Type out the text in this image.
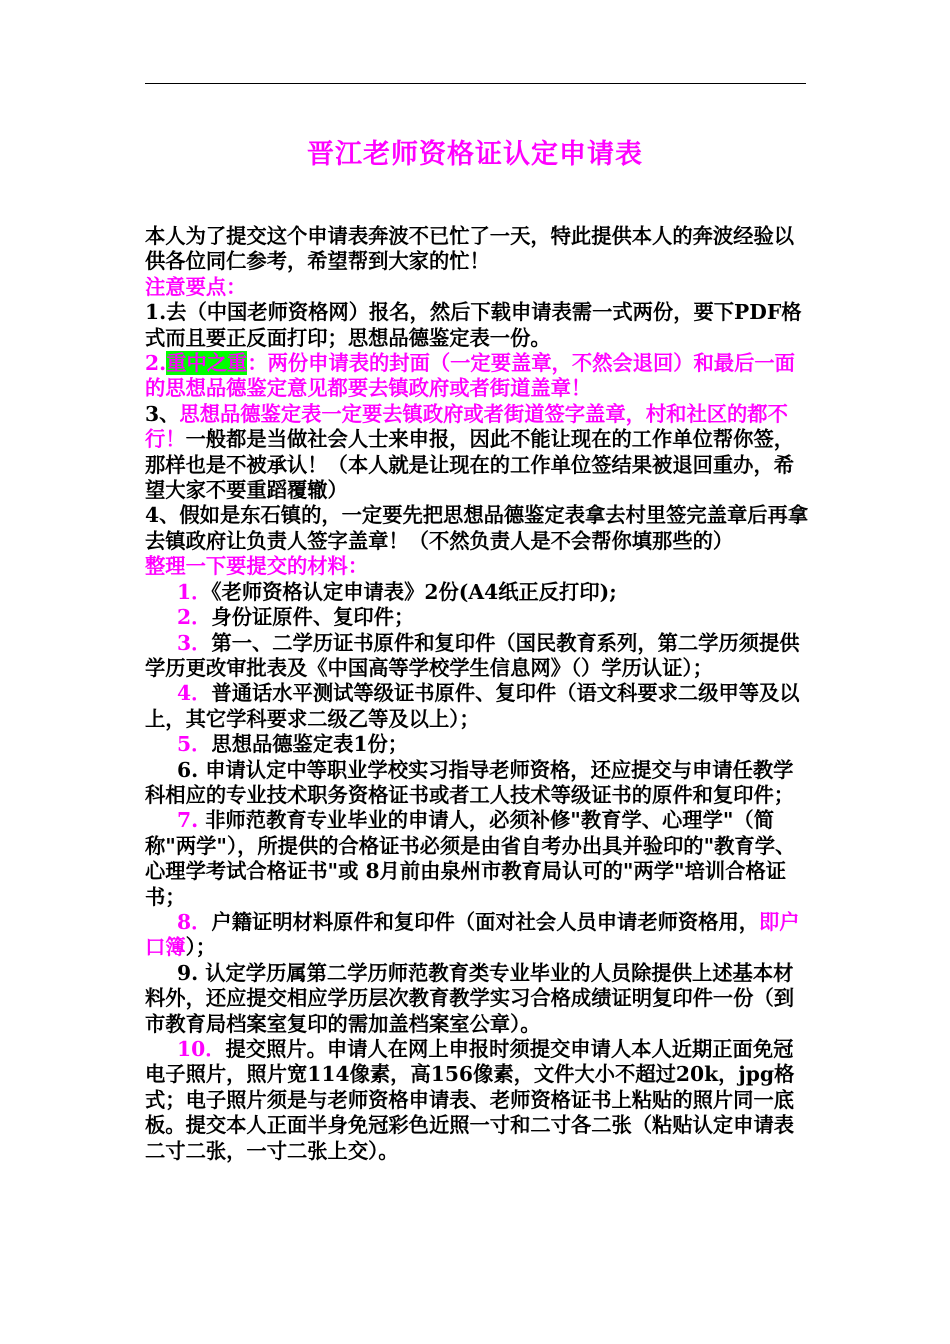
晋江老师资格证认定申请表

本人为了提交这个申请表奔波不已忙了一天，特此提供本人的奔波经验以供各位同仁参考，希望帮到大家的忙！

注意要点：

1.去（中国老师资格网）报名，然后下载申请表需一式两份，要下PDF格式而且要正反面打印；思想品德鉴定表一份。

2.重中之重：两份申请表的封面（一定要盖章，不然会退回）和最后一面的思想品德鉴定意见都要去镇政府或者街道盖章！

3、思想品德鉴定表一定要去镇政府或者街道签字盖章，村和社区的都不行！一般都是当做社会人士来申报，因此不能让现在的工作单位帮你签，那样也是不被承认！（本人就是让现在的工作单位签结果被退回重办，希望大家不要重蹈覆辙）

4、假如是东石镇的，一定要先把思想品德鉴定表拿去村里签完盖章后再拿去镇政府让负责人签字盖章！（不然负责人是不会帮你填那些的）

整理一下要提交的材料：

1．《老师资格认定申请表》2份(A4纸正反打印);

2．身份证原件、复印件；

3．第一、二学历证书原件和复印件（国民教育系列，第二学历须提供学历更改审批表及《中国高等学校学生信息网》（）学历认证）；

4．普通话水平测试等级证书原件、复印件（语文科要求二级甲等及以上，其它学科要求二级乙等及以上）；

5．思想品德鉴定表1份；

6. 申请认定中等职业学校实习指导老师资格，还应提交与申请任教学科相应的专业技术职务资格证书或者工人技术等级证书的原件和复印件；

7. 非师范教育专业毕业的申请人，必须补修"教育学、心理学"（简称"两学"），所提供的合格证书必须是由省自考办出具并验印的"教育学、心理学考试合格证书"或 8月前由泉州市教育局认可的"两学"培训合格证书；

8．户籍证明材料原件和复印件（面对社会人员申请老师资格用，即户口簿）；

9. 认定学历属第二学历师范教育类专业毕业的人员除提供上述基本材料外，还应提交相应学历层次教育教学实习合格成绩证明复印件一份（到市教育局档案室复印的需加盖档案室公章）。

10．提交照片。申请人在网上申报时须提交申请人本人近期正面免冠电子照片，照片宽114像素，高156像素，文件大小不超过20k，jpg格式；电子照片须是与老师资格申请表、老师资格证书上粘贴的照片同一底板。提交本人正面半身免冠彩色近照一寸和二寸各二张（粘贴认定申请表二寸二张，一寸二张上交）。
